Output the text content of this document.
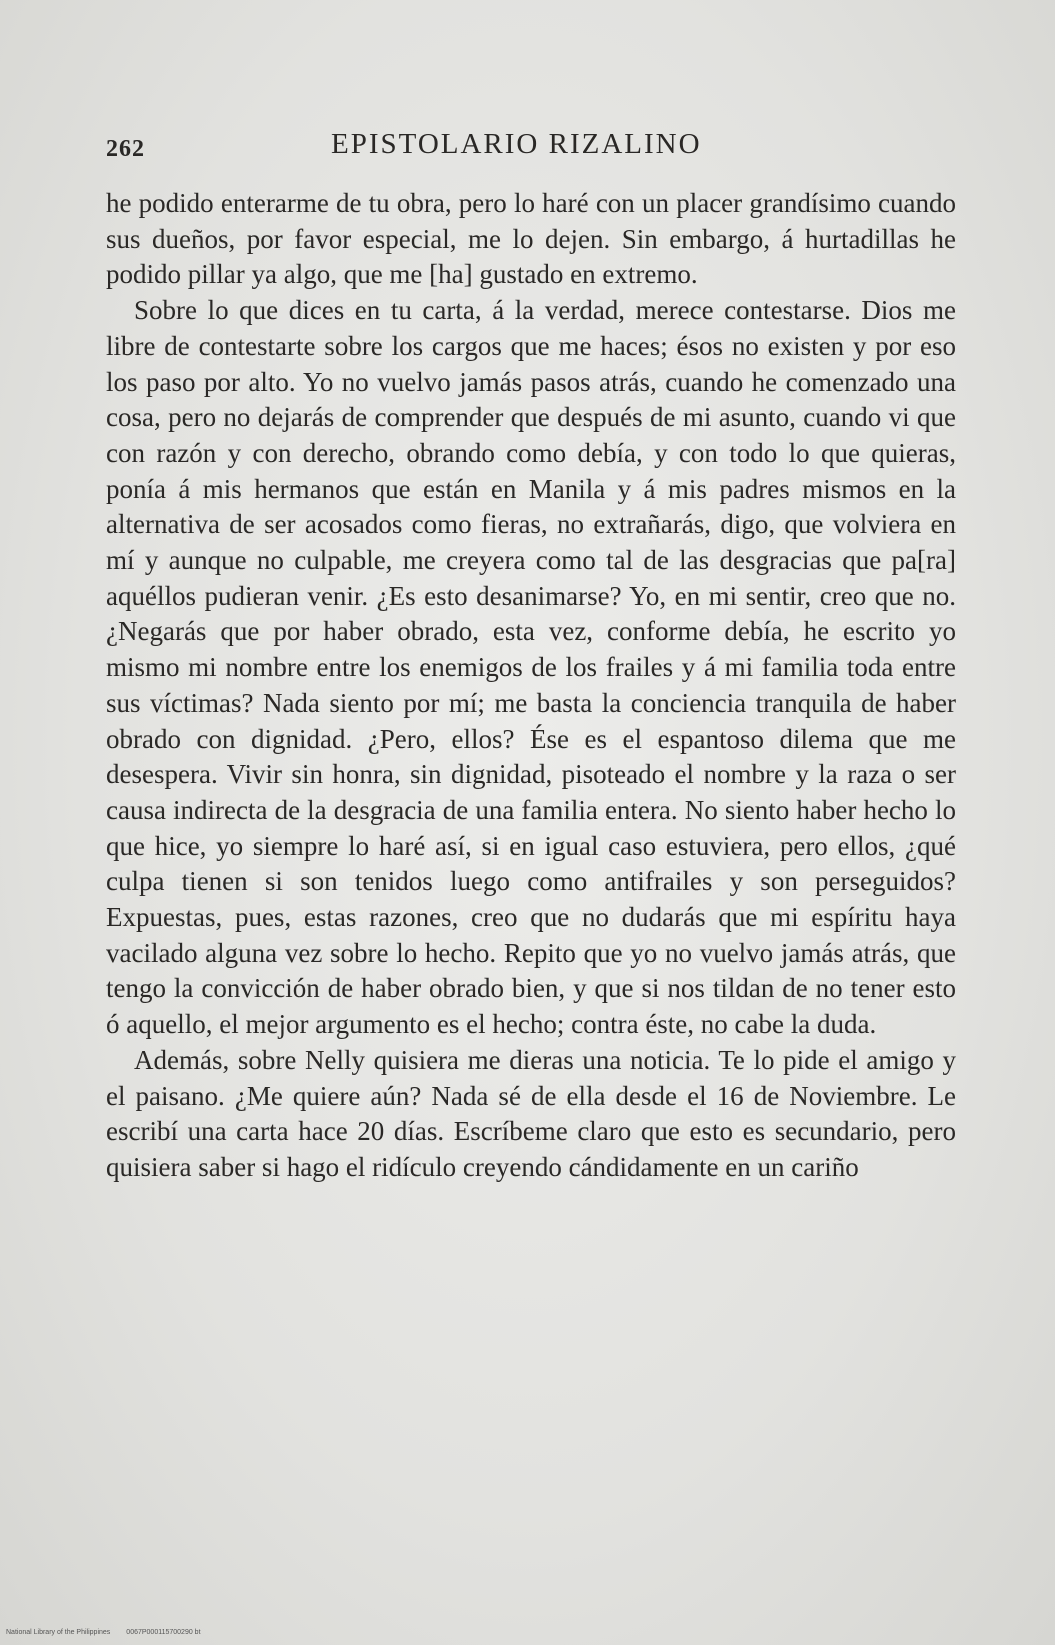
262	EPISTOLARIO RIZALINO

he podido enterarme de tu obra, pero lo haré con un placer grandísimo cuando sus dueños, por favor especial, me lo dejen. Sin embargo, á hurtadillas he podido pillar ya algo, que me [ha] gustado en extremo.

Sobre lo que dices en tu carta, á la verdad, merece contestarse. Dios me libre de contestarte sobre los cargos que me haces; ésos no existen y por eso los paso por alto. Yo no vuelvo jamás pasos atrás, cuando he comenzado una cosa, pero no dejarás de comprender que después de mi asunto, cuando vi que con razón y con derecho, obrando como debía, y con todo lo que quieras, ponía á mis hermanos que están en Manila y á mis padres mismos en la alternativa de ser acosados como fieras, no extrañarás, digo, que volviera en mí y aunque no culpable, me creyera como tal de las desgracias que pa[ra] aquéllos pudieran venir. ¿Es esto desanimarse? Yo, en mi sentir, creo que no. ¿Negarás que por haber obrado, esta vez, conforme debía, he escrito yo mismo mi nombre entre los enemigos de los frailes y á mi familia toda entre sus víctimas? Nada siento por mí; me basta la conciencia tranquila de haber obrado con dignidad. ¿Pero, ellos? Ése es el espantoso dilema que me desespera. Vivir sin honra, sin dignidad, pisoteado el nombre y la raza o ser causa indirecta de la desgracia de una familia entera. No siento haber hecho lo que hice, yo siempre lo haré así, si en igual caso estuviera, pero ellos, ¿qué culpa tienen si son tenidos luego como antifrailes y son perseguidos? Expuestas, pues, estas razones, creo que no dudarás que mi espíritu haya vacilado alguna vez sobre lo hecho. Repito que yo no vuelvo jamás atrás, que tengo la convicción de haber obrado bien, y que si nos tildan de no tener esto ó aquello, el mejor argumento es el hecho; contra éste, no cabe la duda.

Además, sobre Nelly quisiera me dieras una noticia. Te lo pide el amigo y el paisano. ¿Me quiere aún? Nada sé de ella desde el 16 de Noviembre. Le escribí una carta hace 20 días. Escríbeme claro que esto es secundario, pero quisiera saber si hago el ridículo creyendo cándidamente en un cariño

National Library of the Philippines 0067P000115700290 bt
